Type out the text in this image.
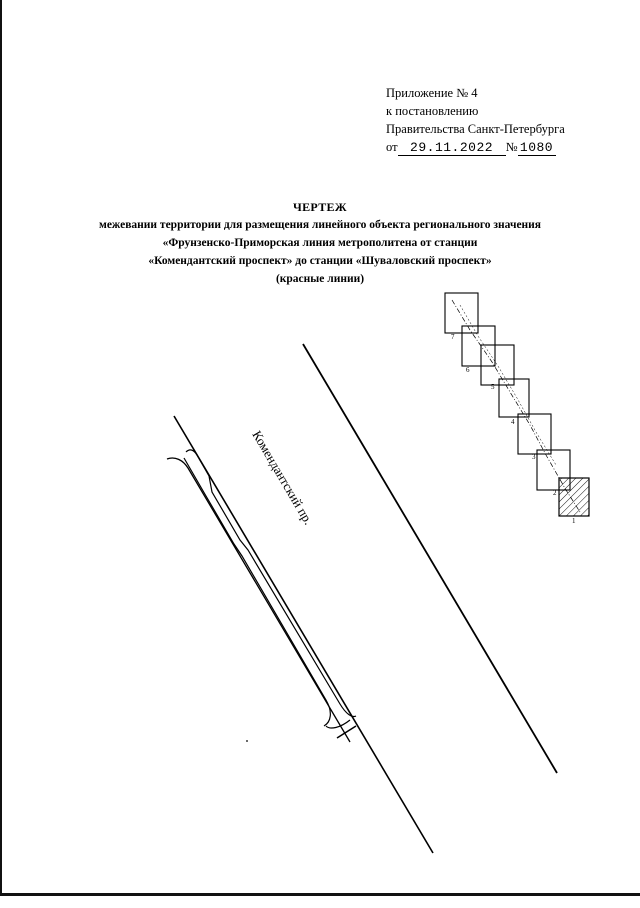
Приложение № 4
к постановлению
Правительства Санкт-Петербурга
от 29.11.2022 № 1080
ЧЕРТЕЖ
межевании территории для размещения линейного объекта регионального значения
«Фрунзенско-Приморская линия метрополитена от станции
«Комендантский проспект» до станции «Шуваловский проспект»
(красные линии)
Комендантский пр.
7
6
5
4
3
2
1
